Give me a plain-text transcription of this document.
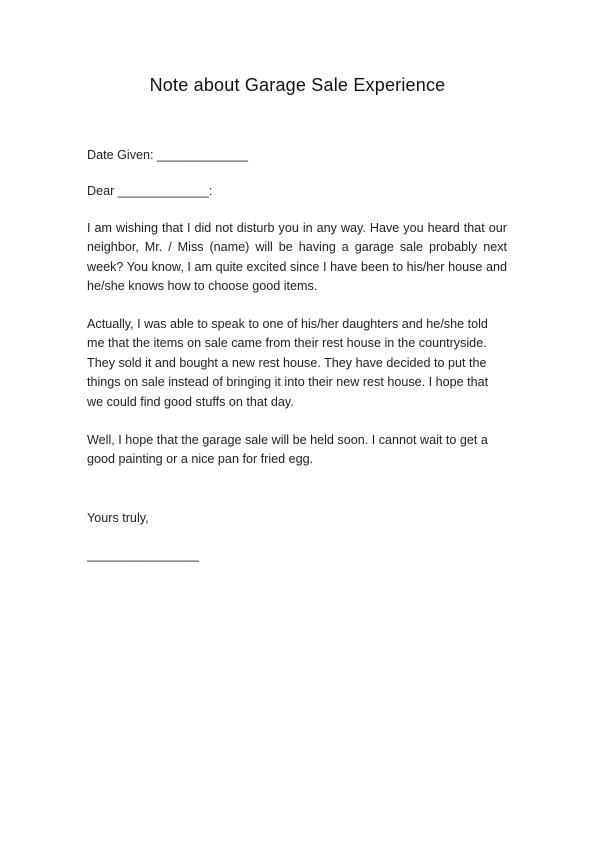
Note about Garage Sale Experience
Date Given: _____________
Dear _____________:

I am wishing that I did not disturb you in any way. Have you heard that our neighbor, Mr. / Miss (name) will be having a garage sale probably next week? You know, I am quite excited since I have been to his/her house and he/she knows how to choose good items.

Actually, I was able to speak to one of his/her daughters and he/she told me that the items on sale came from their rest house in the countryside. They sold it and bought a new rest house. They have decided to put the things on sale instead of bringing it into their new rest house. I hope that we could find good stuffs on that day.

Well, I hope that the garage sale will be held soon. I cannot wait to get a good painting or a nice pan for fried egg.

Yours truly,
________________
